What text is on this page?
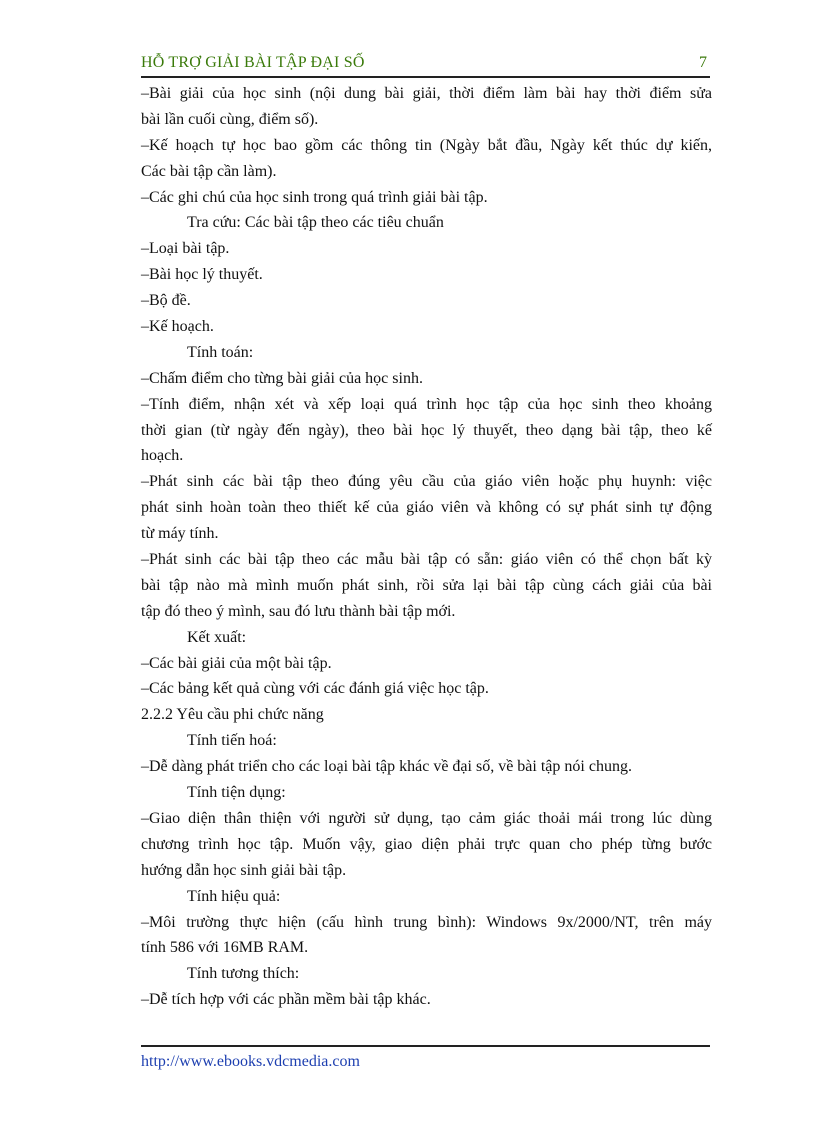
HỖ TRỢ GIẢI BÀI TẬP ĐẠI SỐ	7
–Bài giải của học sinh (nội dung bài giải, thời điểm làm bài hay thời điểm sửa
bài lần cuối cùng, điểm số).
–Kế hoạch tự học bao gồm các thông tin (Ngày bắt đầu, Ngày kết thúc dự kiến,
Các bài tập cần làm).
–Các ghi chú của học sinh trong quá trình giải bài tập.
Tra cứu: Các bài tập theo các tiêu chuẩn
–Loại bài tập.
–Bài học lý thuyết.
–Bộ đề.
–Kế hoạch.
Tính toán:
–Chấm điểm cho từng bài giải của học sinh.
–Tính điểm, nhận xét và xếp loại quá trình học tập của học sinh theo khoảng
thời gian (từ ngày đến ngày), theo bài học lý thuyết, theo dạng bài tập, theo kế
hoạch.
–Phát sinh các bài tập theo đúng yêu cầu của giáo viên hoặc phụ huynh: việc
phát sinh hoàn toàn theo thiết kế của giáo viên và không có sự phát sinh tự động
từ máy tính.
–Phát sinh các bài tập theo các mẫu bài tập có sẵn: giáo viên có thể chọn bất kỳ
bài tập nào mà mình muốn phát sinh, rồi sửa lại bài tập cùng cách giải của bài
tập đó theo ý mình, sau đó lưu thành bài tập mới.
Kết xuất:
–Các bài giải của một bài tập.
–Các bảng kết quả cùng với các đánh giá việc học tập.
2.2.2 Yêu cầu phi chức năng
Tính tiến hoá:
–Dễ dàng phát triển cho các loại bài tập khác về đại số, về bài tập nói chung.
Tính tiện dụng:
–Giao diện thân thiện với người sử dụng, tạo cảm giác thoải mái trong lúc dùng
chương trình học tập. Muốn vậy, giao diện phải trực quan cho phép từng bước
hướng dẫn học sinh giải bài tập.
Tính hiệu quả:
–Môi trường thực hiện (cấu hình trung bình): Windows 9x/2000/NT, trên máy
tính 586 với 16MB RAM.
Tính tương thích:
–Dễ tích hợp với các phần mềm bài tập khác.
http://www.ebooks.vdcmedia.com
